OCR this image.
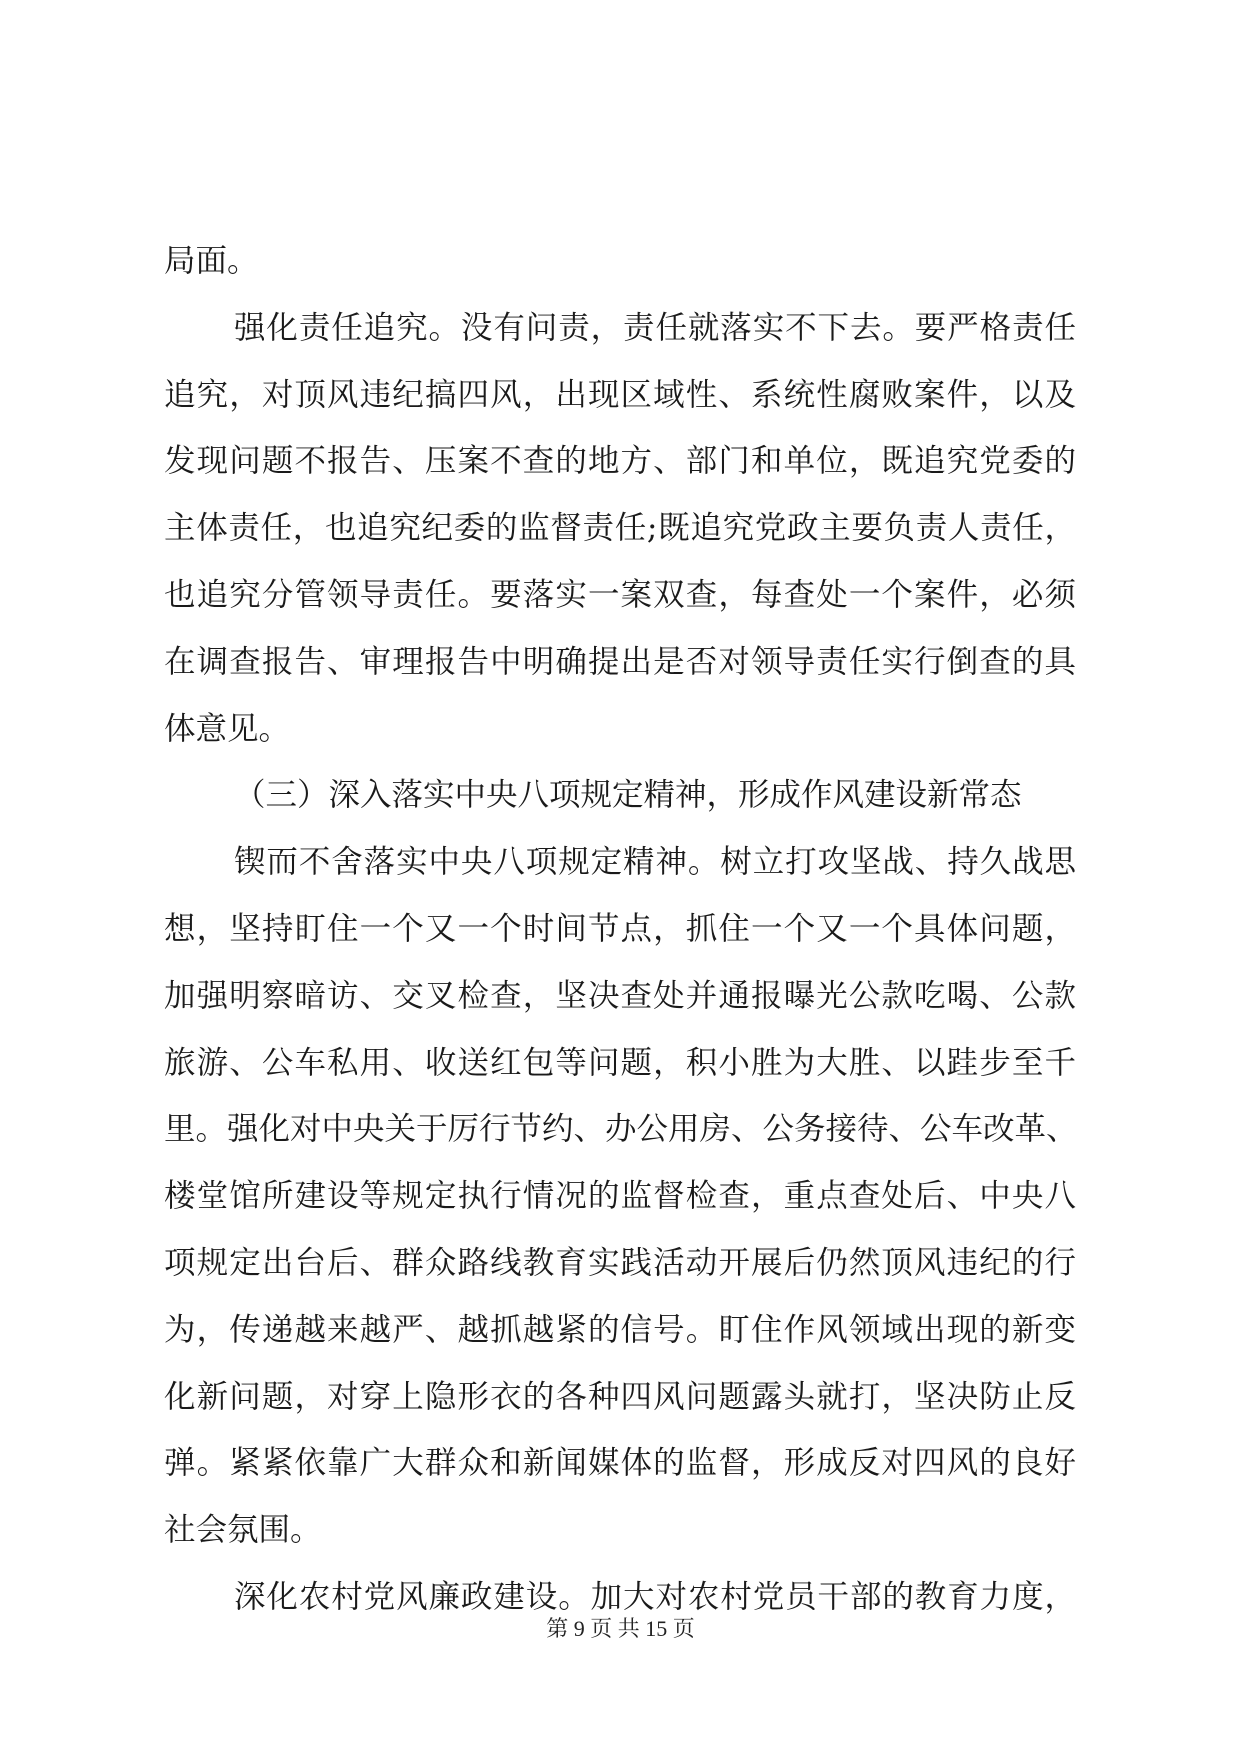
局面。
强化责任追究。没有问责，责任就落实不下去。要严格责任
追究，对顶风违纪搞四风，出现区域性、系统性腐败案件，以及
发现问题不报告、压案不查的地方、部门和单位，既追究党委的
主体责任，也追究纪委的监督责任;既追究党政主要负责人责任，
也追究分管领导责任。要落实一案双查，每查处一个案件，必须
在调查报告、审理报告中明确提出是否对领导责任实行倒查的具
体意见。
（三）深入落实中央八项规定精神，形成作风建设新常态
锲而不舍落实中央八项规定精神。树立打攻坚战、持久战思
想，坚持盯住一个又一个时间节点，抓住一个又一个具体问题，
加强明察暗访、交叉检查，坚决查处并通报曝光公款吃喝、公款
旅游、公车私用、收送红包等问题，积小胜为大胜、以跬步至千
里。强化对中央关于厉行节约、办公用房、公务接待、公车改革、
楼堂馆所建设等规定执行情况的监督检查，重点查处后、中央八
项规定出台后、群众路线教育实践活动开展后仍然顶风违纪的行
为，传递越来越严、越抓越紧的信号。盯住作风领域出现的新变
化新问题，对穿上隐形衣的各种四风问题露头就打，坚决防止反
弹。紧紧依靠广大群众和新闻媒体的监督，形成反对四风的良好
社会氛围。
深化农村党风廉政建设。加大对农村党员干部的教育力度，
第 9 页 共 15 页
